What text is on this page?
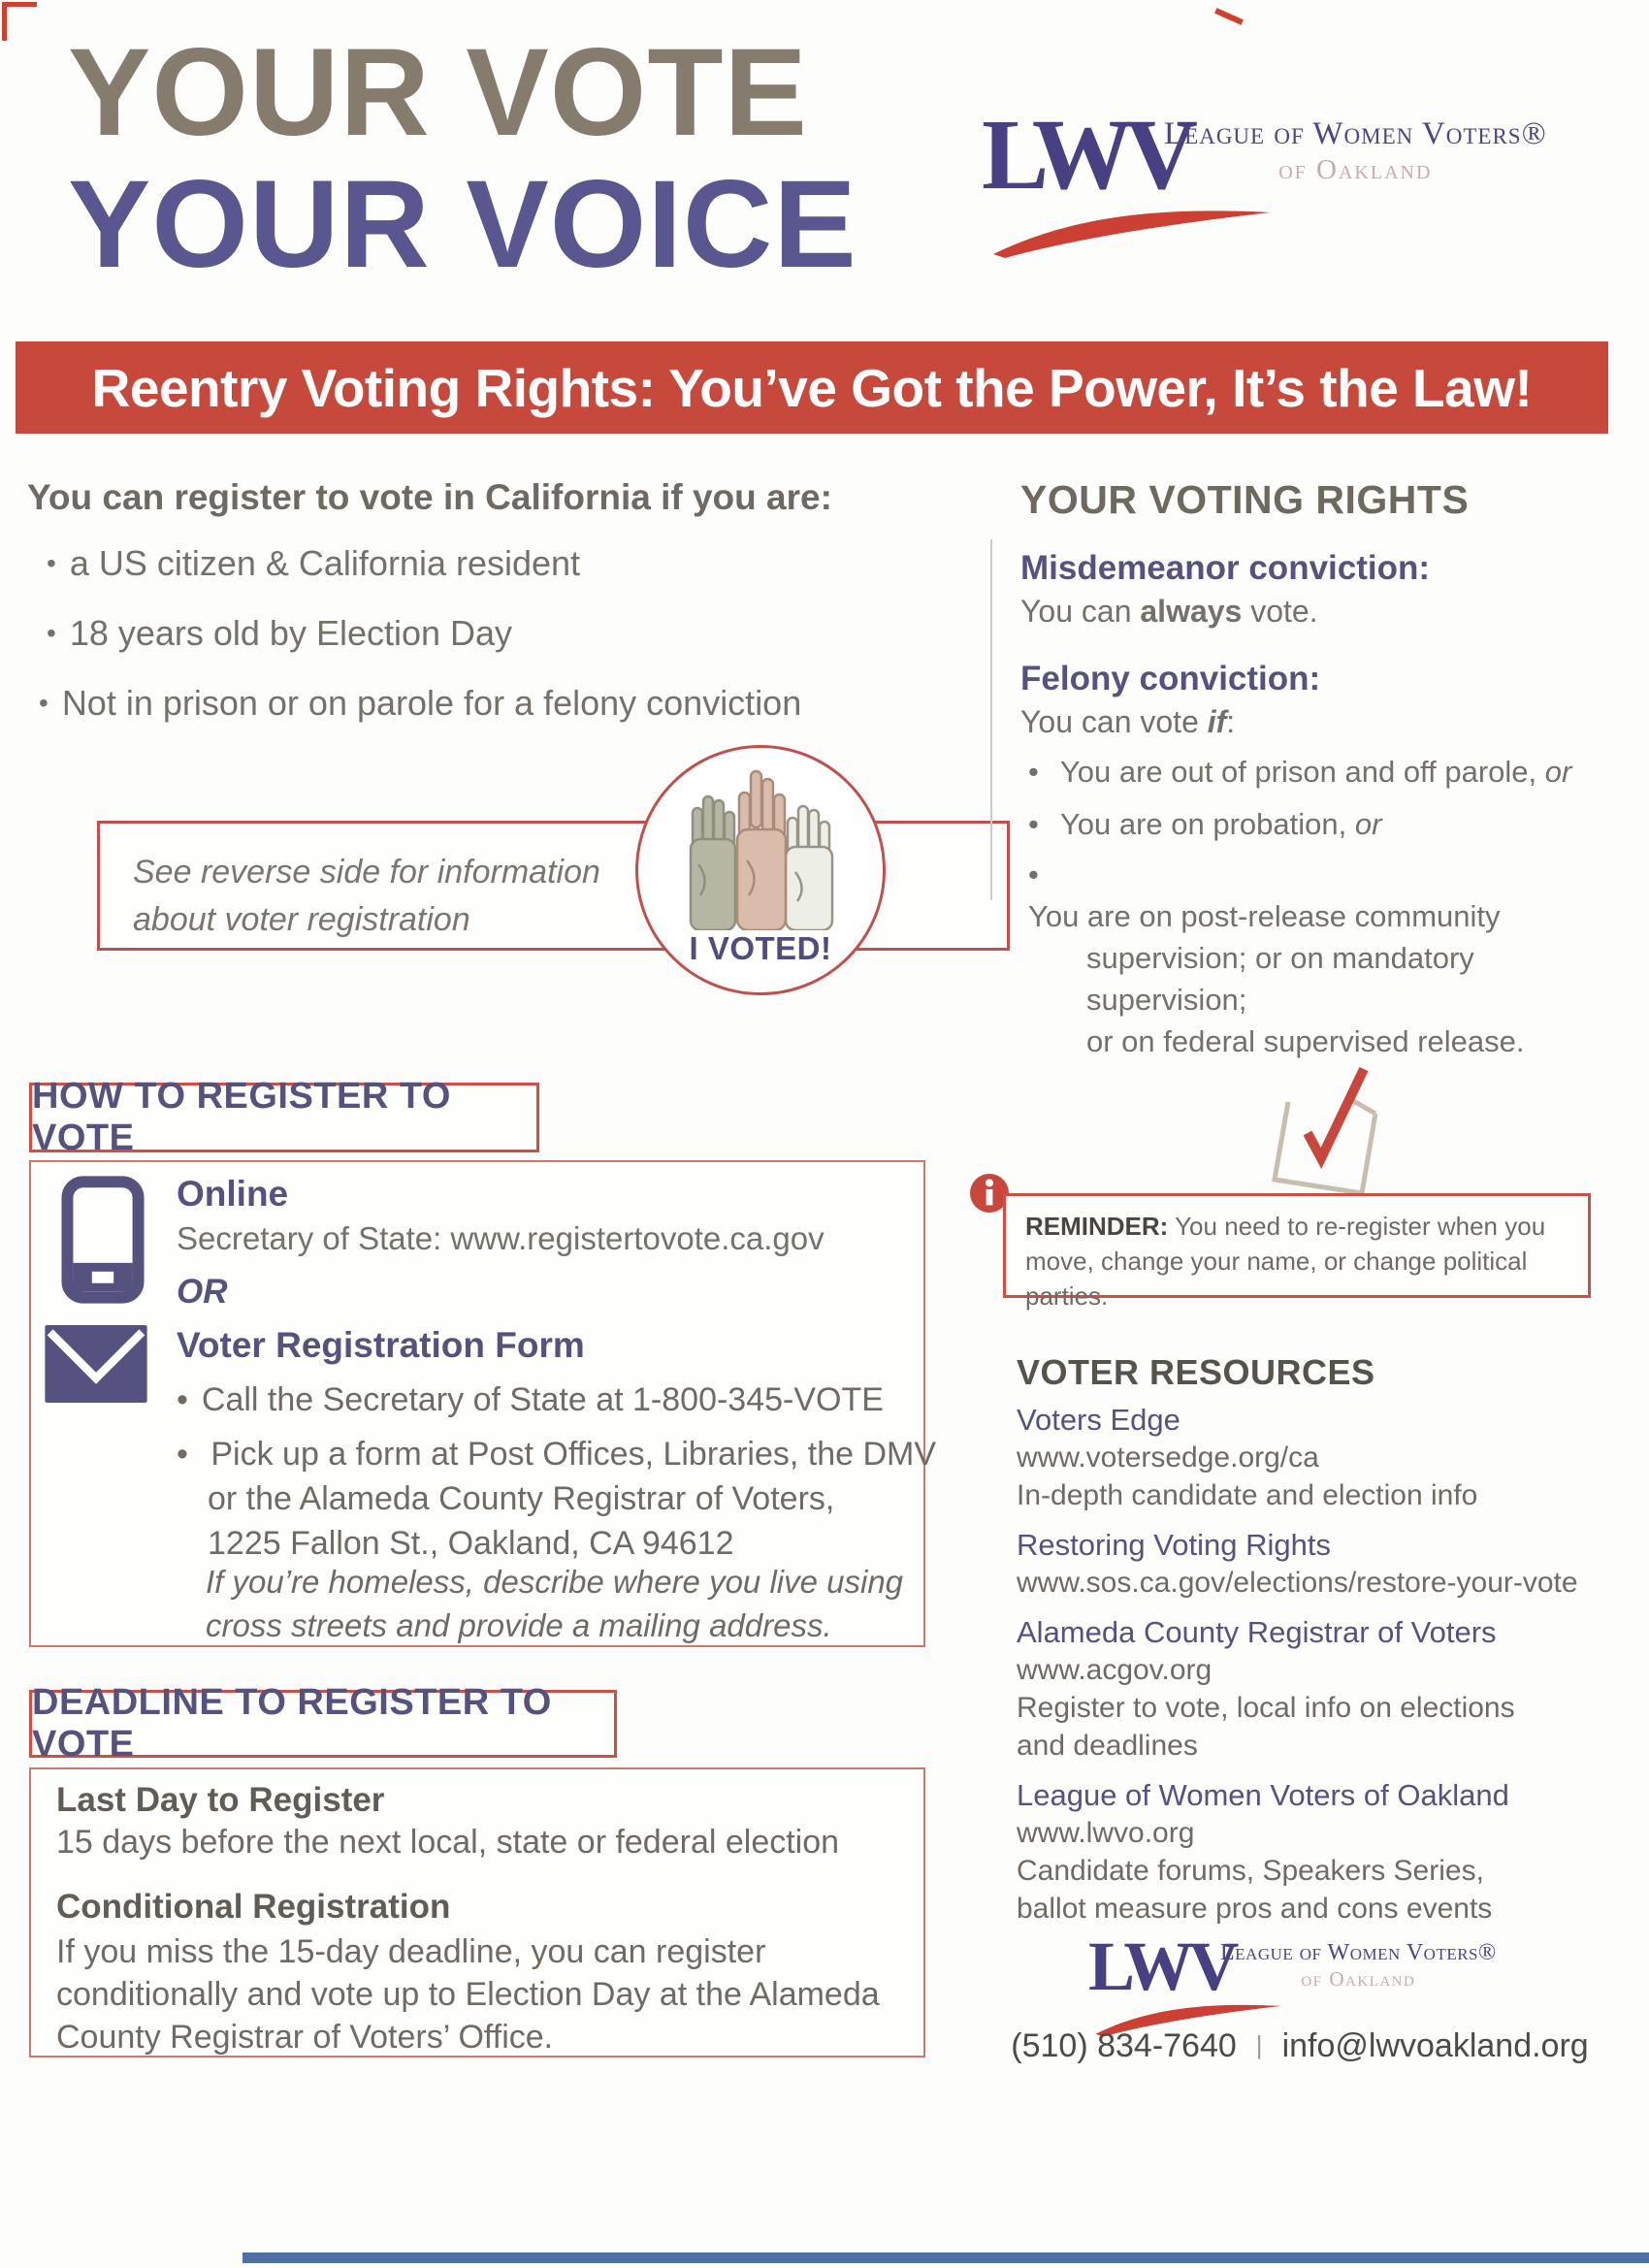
YOUR VOTE
YOUR VOICE
LWV
League of Women Voters®
of Oakland
Reentry Voting Rights: You’ve Got the Power, It’s the Law!
You can register to vote in California if you are:
• a US citizen & California resident
• 18 years old by Election Day
• Not in prison or on parole for a felony conviction
See reverse side for information
about voter registration
I VOTED!
YOUR VOTING RIGHTS
Misdemeanor conviction:
You can always vote.
Felony conviction:
You can vote if:
• You are out of prison and off parole, or
• You are on probation, or
• You are on post-release community
supervision; or on mandatory supervision;
or on federal supervised release.
HOW TO REGISTER TO VOTE
Online
Secretary of State: www.registertovote.ca.gov
OR
Voter Registration Form
• Call the Secretary of State at 1-800-345-VOTE
• Pick up a form at Post Offices, Libraries, the DMV
or the Alameda County Registrar of Voters,
1225 Fallon St., Oakland, CA 94612
If you’re homeless, describe where you live using
cross streets and provide a mailing address.
DEADLINE TO REGISTER TO VOTE
Last Day to Register
15 days before the next local, state or federal election
Conditional Registration
If you miss the 15-day deadline, you can register
conditionally and vote up to Election Day at the Alameda
County Registrar of Voters’ Office.
REMINDER: You need to re-register when you move, change your name, or change political parties.
VOTER RESOURCES
Voters Edge
www.votersedge.org/ca
In-depth candidate and election info
Restoring Voting Rights
www.sos.ca.gov/elections/restore-your-vote
Alameda County Registrar of Voters
www.acgov.org
Register to vote, local info on elections
and deadlines
League of Women Voters of Oakland
www.lwvo.org
Candidate forums, Speakers Series,
ballot measure pros and cons events
LWV
League of Women Voters®
of Oakland
(510) 834-7640 | info@lwvoakland.org
